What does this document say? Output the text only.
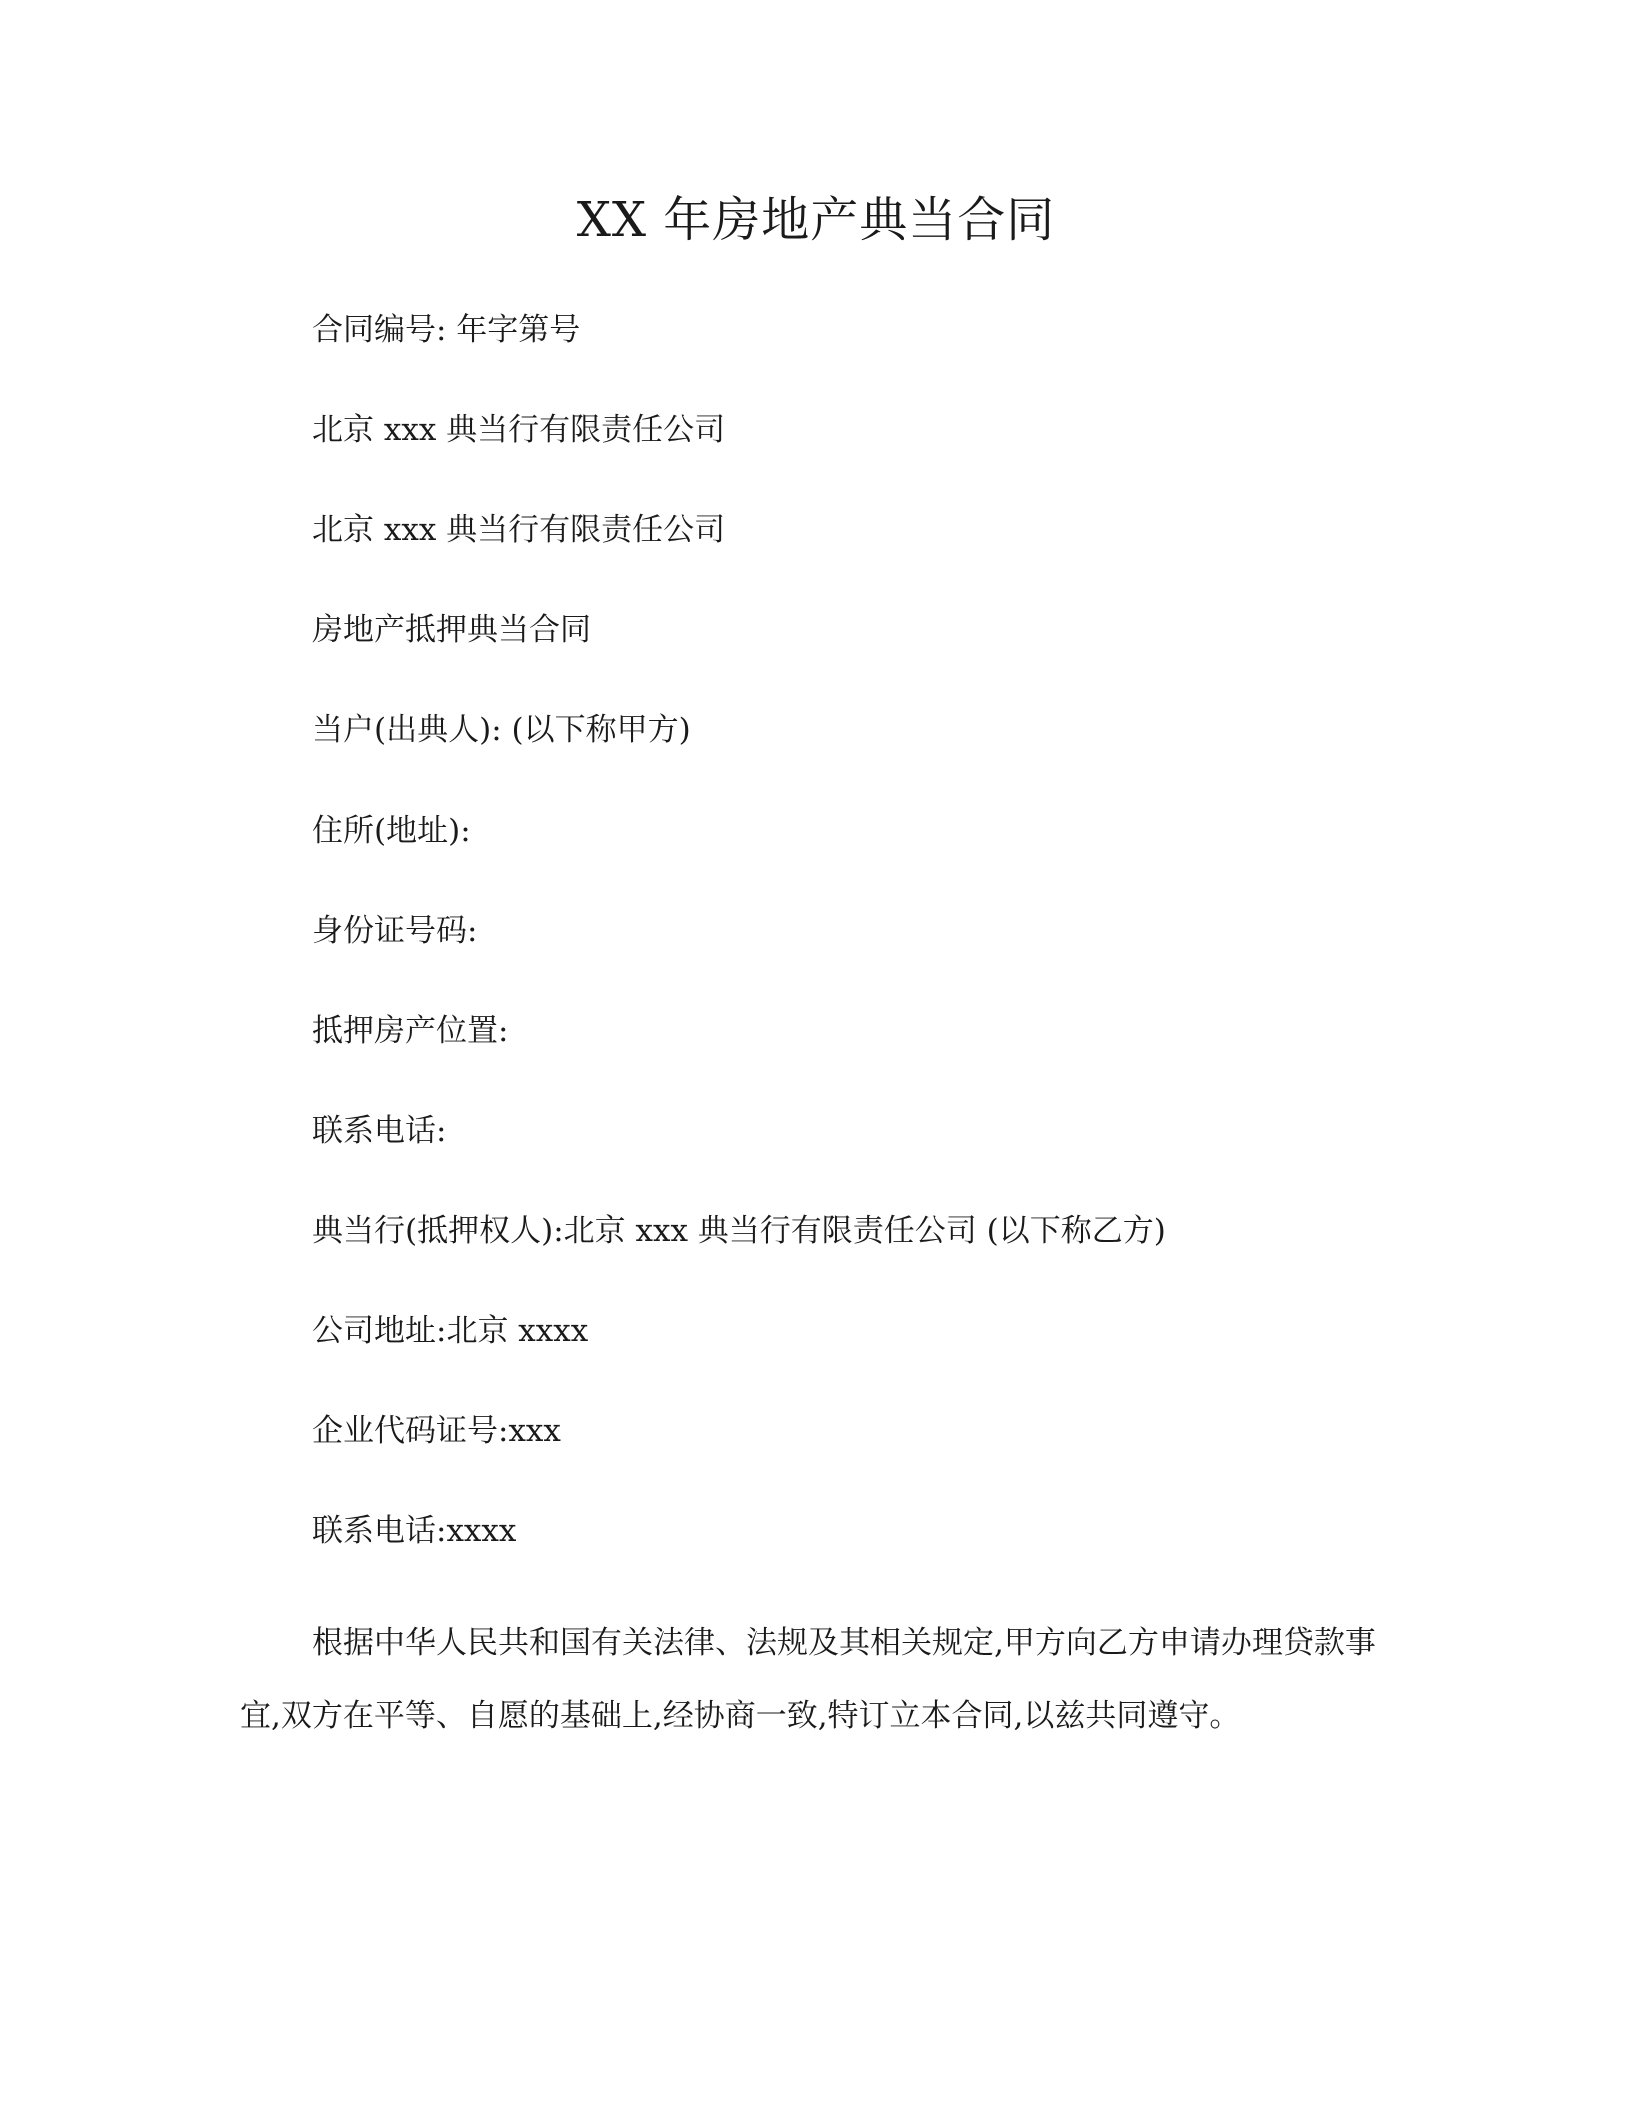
XX 年房地产典当合同

合同编号: 年字第号

北京 xxx 典当行有限责任公司

北京 xxx 典当行有限责任公司

房地产抵押典当合同

当户(出典人): (以下称甲方)

住所(地址):

身份证号码:

抵押房产位置:

联系电话:

典当行(抵押权人):北京 xxx 典当行有限责任公司 (以下称乙方)

公司地址:北京 xxxx

企业代码证号:xxx

联系电话:xxxx

根据中华人民共和国有关法律、法规及其相关规定,甲方向乙方申请办理贷款事宜,双方在平等、自愿的基础上,经协商一致,特订立本合同,以兹共同遵守。
